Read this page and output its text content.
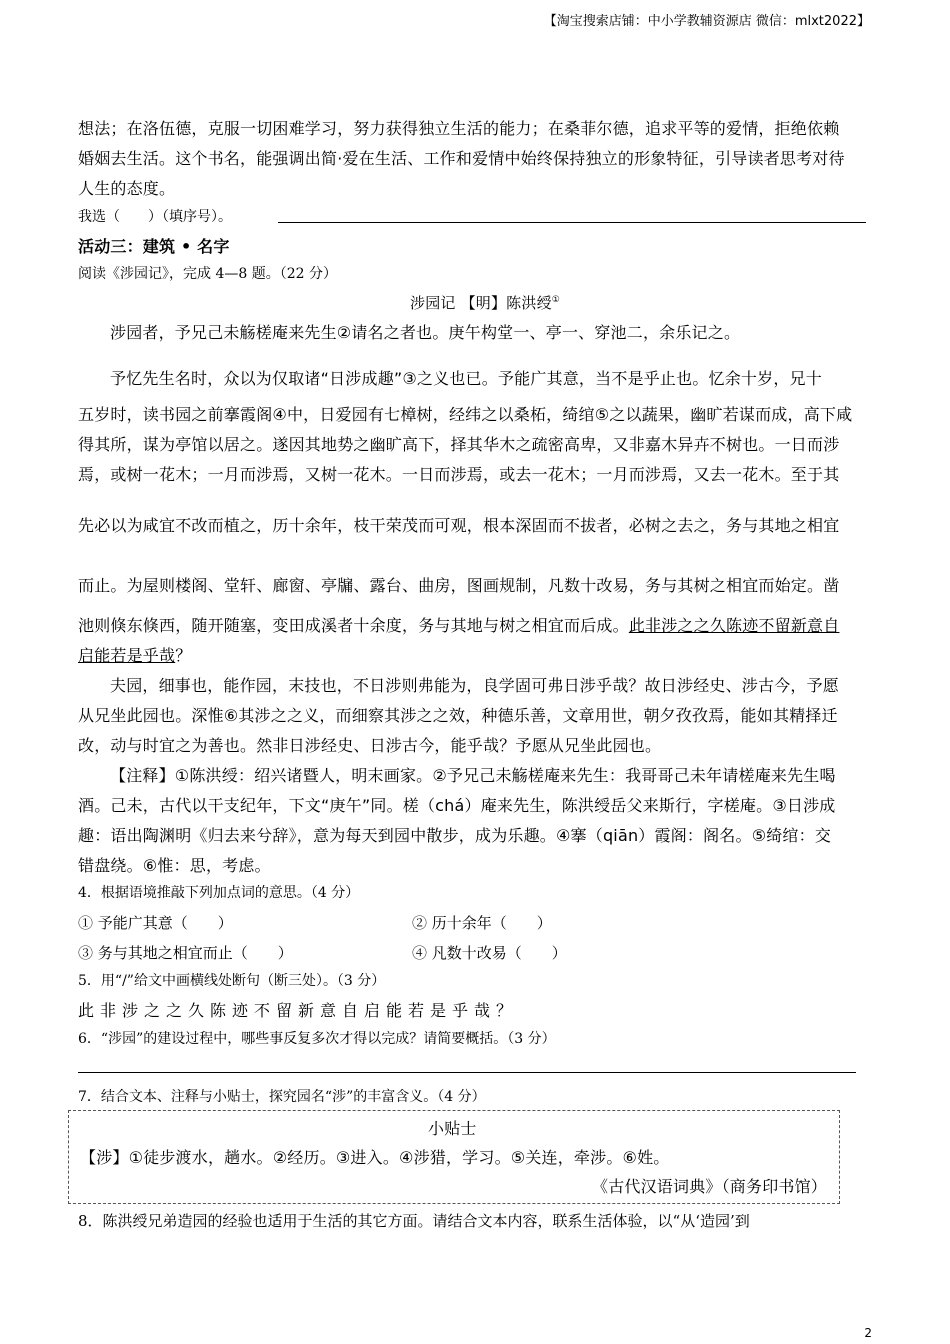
【淘宝搜索店铺：中小学教辅资源店 微信：mlxt2022】
想法；在洛伍德，克服一切困难学习，努力获得独立生活的能力；在桑菲尔德，追求平等的爱情，拒绝依赖
婚姻去生活。这个书名，能强调出简·爱在生活、工作和爱情中始终保持独立的形象特征，引导读者思考对待
人生的态度。
我选（　　）（填序号）。
活动三：建筑 • 名字
阅读《涉园记》，完成 4—8 题。（22 分）
涉园记 【明】陈洪绶①
涉园者，予兄己未觞槎庵来先生②请名之者也。庚午构堂一、亭一、穿池二，余乐记之。
予忆先生名时，众以为仅取诸“日涉成趣”③之义也已。予能广其意，当不是乎止也。忆余十岁，兄十
五岁时，读书园之前搴霞阁④中，日爱园有七樟树，经纬之以桑柘，绮绾⑤之以蔬果，幽旷若谋而成，高下咸
得其所，谋为亭馆以居之。遂因其地势之幽旷高下，择其华木之疏密高卑，又非嘉木异卉不树也。一日而涉
焉，或树一花木；一月而涉焉，又树一花木。一日而涉焉，或去一花木；一月而涉焉，又去一花木。至于其
先必以为咸宜不改而植之，历十余年，枝干荣茂而可观，根本深固而不拔者，必树之去之，务与其地之相宜
而止。为屋则楼阁、堂轩、廊窗、亭牖、露台、曲房，图画规制，凡数十改易，务与其树之相宜而始定。凿
池则倏东倏西，随开随塞，变田成溪者十余度，务与其地与树之相宜而后成。此非涉之之久陈迹不留新意自
启能若是乎哉？
夫园，细事也，能作园，末技也，不日涉则弗能为，良学固可弗日涉乎哉？故日涉经史、涉古今，予愿
从兄坐此园也。深惟⑥其涉之之义，而细察其涉之之效，种德乐善，文章用世，朝夕孜孜焉，能如其精择迁
改，动与时宜之为善也。然非日涉经史、日涉古今，能乎哉？予愿从兄坐此园也。
【注释】①陈洪绶：绍兴诸暨人，明末画家。②予兄己未觞槎庵来先生：我哥哥己未年请槎庵来先生喝
酒。己未，古代以干支纪年，下文“庚午”同。槎（chá）庵来先生，陈洪绶岳父来斯行，字槎庵。③日涉成
趣：语出陶渊明《归去来兮辞》，意为每天到园中散步，成为乐趣。④搴（qiān）霞阁：阁名。⑤绮绾：交
错盘绕。⑥惟：思，考虑。
4．根据语境推敲下列加点词的意思。（4 分）
① 予能广其意（　　）	② 历十余年（　　）
③ 务与其地之相宜而止（　　）	④ 凡数十改易（　　）
5．用“/”给文中画横线处断句（断三处）。（3 分）
此非涉之之久陈迹不留新意自启能若是乎哉？
6．“涉园”的建设过程中，哪些事反复多次才得以完成？请简要概括。（3 分）
7．结合文本、注释与小贴士，探究园名“涉”的丰富含义。（4 分）
小贴士
【涉】①徒步渡水，趟水。②经历。③进入。④涉猎，学习。⑤关连，牵涉。⑥姓。
《古代汉语词典》（商务印书馆）
8．陈洪绶兄弟造园的经验也适用于生活的其它方面。请结合文本内容，联系生活体验，以“从‘造园’到
2
